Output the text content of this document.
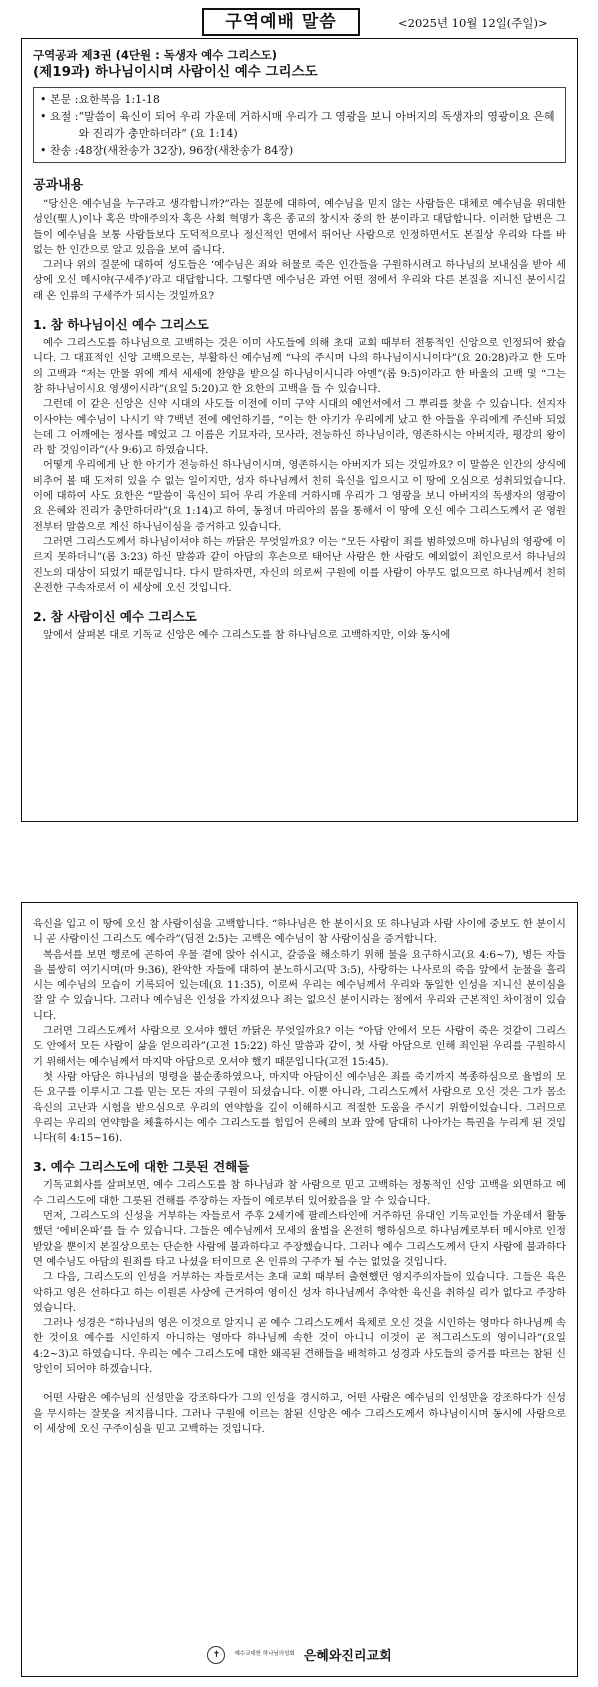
구역예배 말씀	<2025년 10월 12일(주일)>
구역공과 제3권 (4단원 : 독생자 예수 그리스도)
(제19과) 하나님이시며 사람이신 예수 그리스도
• 본문 : 요한복음 1:1-18
• 요절 : “말씀이 육신이 되어 우리 가운데 거하시매 우리가 그 영광을 보니 아버지의 독생자의 영광이요 은혜와 진리가 충만하더라” (요 1:14)
• 찬송 : 48장(새찬송가 32장), 96장(새찬송가 84장)
공과내용

“당신은 예수님을 누구라고 생각합니까?”라는 질문에 대하여, 예수님을 믿지 않는 사람들은 대체로 예수님을 위대한 성인(聖人)이나 혹은 박애주의자 혹은 사회 혁명가 혹은 종교의 창시자 중의 한 분이라고 대답합니다. 이러한 답변은 그들이 예수님을 보통 사람들보다 도덕적으로나 정신적인 면에서 뛰어난 사람으로 인정하면서도 본질상 우리와 다를 바 없는 한 인간으로 알고 있음을 보여 줍니다.

그러나 위의 질문에 대하여 성도들은 ‘예수님은 죄와 허물로 죽은 인간들을 구원하시려고 하나님의 보내심을 받아 세상에 오신 메시야(구세주)’라고 대답합니다. 그렇다면 예수님은 과연 어떤 점에서 우리와 다른 본질을 지니신 분이시길래 온 인류의 구세주가 되시는 것일까요?

1. 참 하나님이신 예수 그리스도

예수 그리스도를 하나님으로 고백하는 것은 이미 사도들에 의해 초대 교회 때부터 전통적인 신앙으로 인정되어 왔습니다. 그 대표적인 신앙 고백으로는, 부활하신 예수님께 “나의 주시며 나의 하나님이시니이다”(요 20:28)라고 한 도마의 고백과 “저는 만물 위에 계셔 세세에 찬양을 받으실 하나님이시니라 아멘”(롬 9:5)이라고 한 바울의 고백 및 “그는 참 하나님이시요 영생이시라”(요일 5:20)고 한 요한의 고백을 들 수 있습니다.

그런데 이 같은 신앙은 신약 시대의 사도들 이전에 이미 구약 시대의 예언서에서 그 뿌리를 찾을 수 있습니다. 선지자 이사야는 예수님이 나시기 약 7백년 전에 예언하기를, “이는 한 아기가 우리에게 났고 한 아들을 우리에게 주신바 되었는데 그 어깨에는 정사를 메었고 그 이름은 기묘자라, 모사라, 전능하신 하나님이라, 영존하시는 아버지라, 평강의 왕이라 할 것임이라”(사 9:6)고 하였습니다.

어떻게 우리에게 난 한 아기가 전능하신 하나님이시며, 영존하시는 아버지가 되는 것일까요? 이 말씀은 인간의 상식에 비추어 볼 때 도저히 있을 수 없는 일이지만, 성자 하나님께서 친히 육신을 입으시고 이 땅에 오심으로 성취되었습니다. 이에 대하여 사도 요한은 “말씀이 육신이 되어 우리 가운데 거하시매 우리가 그 영광을 보니 아버지의 독생자의 영광이요 은혜와 진리가 충만하더라”(요 1:14)고 하여, 동정녀 마리아의 몸을 통해서 이 땅에 오신 예수 그리스도께서 곧 영원 전부터 말씀으로 계신 하나님이심을 증거하고 있습니다.

그러면 그리스도께서 하나님이셔야 하는 까닭은 무엇일까요? 이는 “모든 사람이 죄를 범하였으매 하나님의 영광에 이르지 못하더니”(롬 3:23) 하신 말씀과 같이 아담의 후손으로 태어난 사람은 한 사람도 예외없이 죄인으로서 하나님의 진노의 대상이 되었기 때문입니다. 다시 말하자면, 자신의 의로써 구원에 이를 사람이 아무도 없으므로 하나님께서 친히 온전한 구속자로서 이 세상에 오신 것입니다.

2. 참 사람이신 예수 그리스도

앞에서 살펴본 대로 기독교 신앙은 예수 그리스도를 참 하나님으로 고백하지만, 이와 동시에

육신을 입고 이 땅에 오신 참 사람이심을 고백합니다. “하나님은 한 분이시요 또 하나님과 사람 사이에 중보도 한 분이시니 곧 사람이신 그리스도 예수라”(딤전 2:5)는 고백은 예수님이 참 사람이심을 증거합니다.

복음서를 보면 행로에 곤하여 우물 곁에 앉아 쉬시고, 갈증을 해소하기 위해 물을 요구하시고(요 4:6~7), 병든 자들을 불쌍히 여기시며(마 9:36), 완악한 자들에 대하여 분노하시고(막 3:5), 사랑하는 나사로의 죽음 앞에서 눈물을 흘리시는 예수님의 모습이 기록되어 있는데(요 11:35), 이로써 우리는 예수님께서 우리와 동일한 인성을 지니신 분이심을 잘 알 수 있습니다. 그러나 예수님은 인성을 가지셨으나 죄는 없으신 분이시라는 점에서 우리와 근본적인 차이점이 있습니다.

그러면 그리스도께서 사람으로 오셔야 했던 까닭은 무엇일까요? 이는 “아담 안에서 모든 사람이 죽은 것같이 그리스도 안에서 모든 사람이 삶을 얻으리라”(고전 15:22) 하신 말씀과 같이, 첫 사람 아담으로 인해 죄인된 우리를 구원하시기 위해서는 예수님께서 마지막 아담으로 오셔야 했기 때문입니다(고전 15:45).

첫 사람 아담은 하나님의 명령을 불순종하였으나, 마지막 아담이신 예수님은 죄를 죽기까지 복종하심으로 율법의 모든 요구를 이루시고 그를 믿는 모든 자의 구원이 되셨습니다. 이뿐 아니라, 그리스도께서 사람으로 오신 것은 그가 몸소 육신의 고난과 시험을 받으심으로 우리의 연약함을 깊이 이해하시고 적절한 도움을 주시기 위함이었습니다. 그러므로 우리는 우리의 연약함을 체휼하시는 예수 그리스도를 힘입어 은혜의 보좌 앞에 담대히 나아가는 특권을 누리게 된 것입니다(히 4:15~16).

3. 예수 그리스도에 대한 그릇된 견해들

기독교회사를 살펴보면, 예수 그리스도를 참 하나님과 참 사람으로 믿고 고백하는 정통적인 신앙 고백을 외면하고 예수 그리스도에 대한 그릇된 견해를 주장하는 자들이 예로부터 있어왔음을 알 수 있습니다.

먼저, 그리스도의 신성을 거부하는 자들로서 주후 2세기에 팔레스타인에 거주하던 유대인 기독교인들 가운데서 활동했던 ‘에비온파’를 들 수 있습니다. 그들은 예수님께서 모세의 율법을 온전히 행하심으로 하나님께로부터 메시야로 인정받았을 뿐이지 본질상으로는 단순한 사람에 불과하다고 주장했습니다. 그러나 예수 그리스도께서 단지 사람에 불과하다면 예수님도 아담의 원죄를 타고 나셨을 터이므로 온 인류의 구주가 될 수는 없었을 것입니다.

그 다음, 그리스도의 인성을 거부하는 자들로서는 초대 교회 때부터 출현했던 영지주의자들이 있습니다. 그들은 육은 악하고 영은 선하다고 하는 이원론 사상에 근거하여 영이신 성자 하나님께서 추악한 육신을 취하실 리가 없다고 주장하였습니다.

그러나 성경은 “하나님의 영은 이것으로 알지니 곧 예수 그리스도께서 육체로 오신 것을 시인하는 영마다 하나님께 속한 것이요 예수를 시인하지 아니하는 영마다 하나님께 속한 것이 아니니 이것이 곧 적그리스도의 영이니라”(요일 4:2~3)고 하였습니다. 우리는 예수 그리스도에 대한 왜곡된 견해들을 배척하고 성경과 사도들의 증거를 따르는 참된 신앙인이 되어야 하겠습니다.

어떤 사람은 예수님의 신성만을 강조하다가 그의 인성을 경시하고, 어떤 사람은 예수님의 인성만을 강조하다가 신성을 무시하는 잘못을 저지릅니다. 그러나 구원에 이르는 참된 신앙은 예수 그리스도께서 하나님이시며 동시에 사람으로 이 세상에 오신 구주이심을 믿고 고백하는 것입니다.

✝	예수교대한 하나님의성회 은혜와진리교회
